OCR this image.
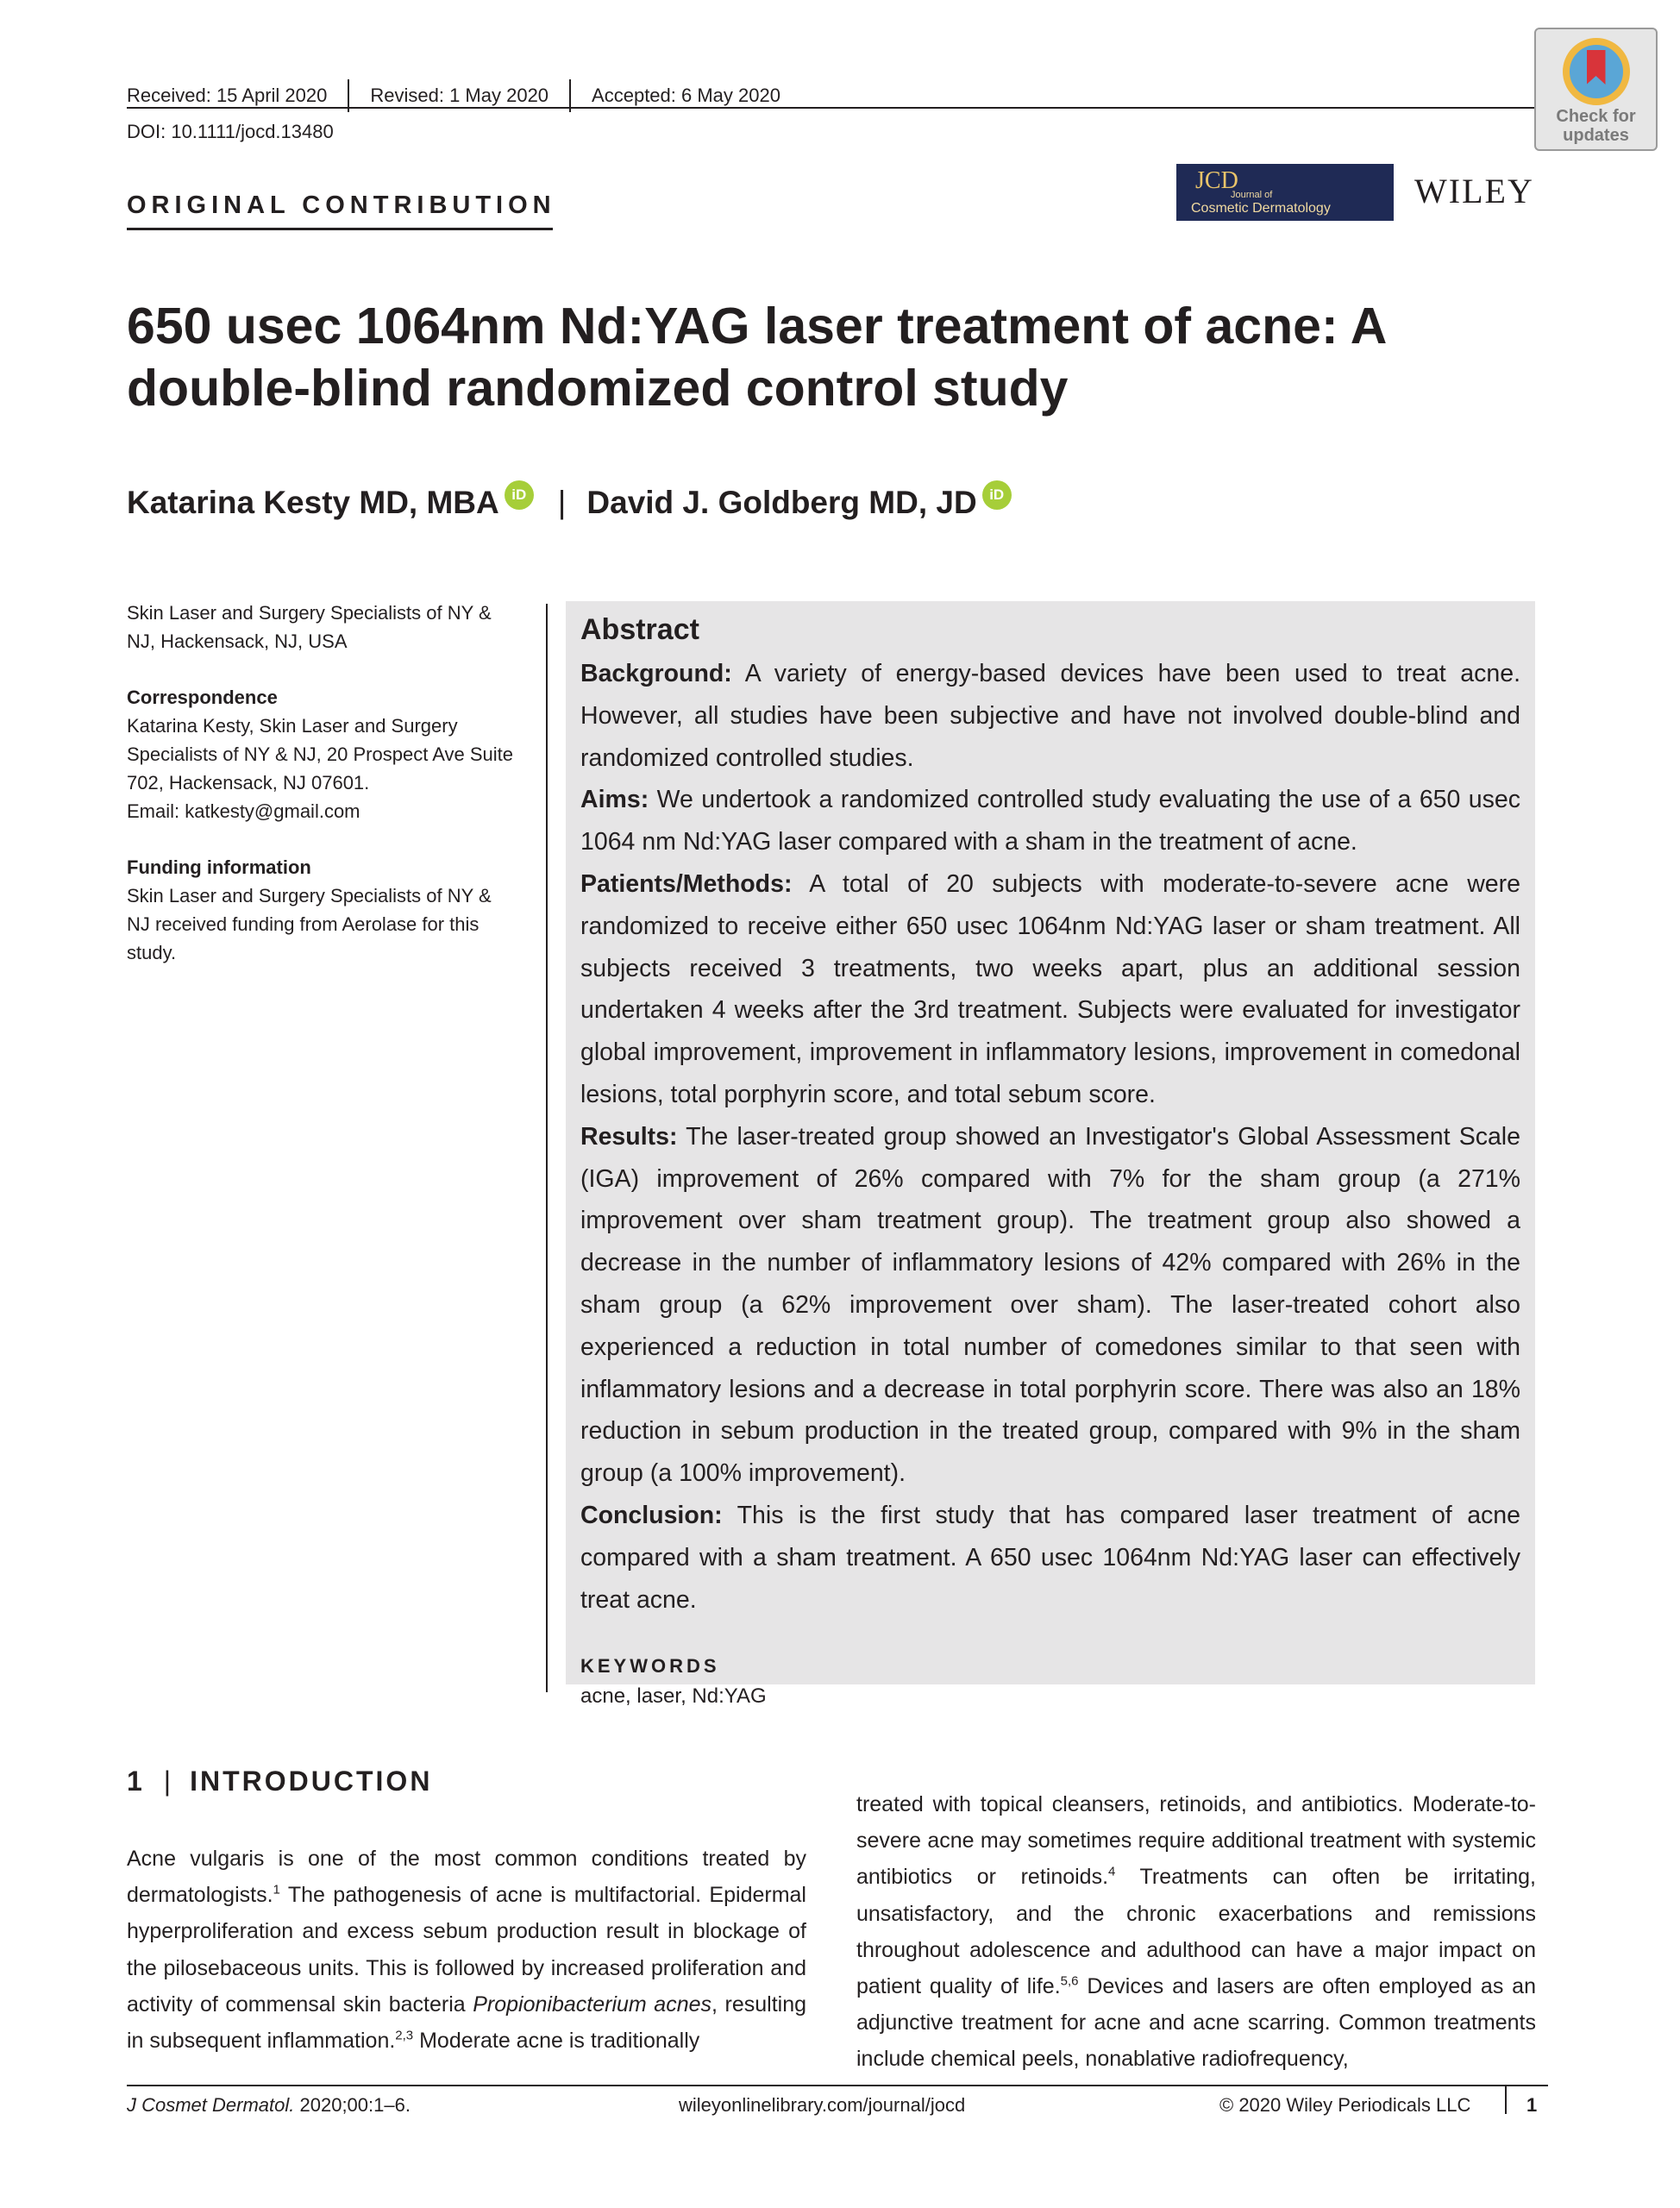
Received: 15 April 2020 Revised: 1 May 2020 Accepted: 6 May 2020
DOI: 10.1111/jocd.13480
Check for
updates
ORIGINAL CONTRIBUTION
JCD
Journal of
Cosmetic Dermatology WILEY
650 usec 1064nm Nd:YAG laser treatment of acne: A double-blind randomized control study
Katarina Kesty MD, MBA iD | David J. Goldberg MD, JD iD
Skin Laser and Surgery Specialists of NY & NJ, Hackensack, NJ, USA
Correspondence
Katarina Kesty, Skin Laser and Surgery Specialists of NY & NJ, 20 Prospect Ave Suite 702, Hackensack, NJ 07601.
Email: katkesty@gmail.com
Funding information
Skin Laser and Surgery Specialists of NY & NJ received funding from Aerolase for this study.
Abstract

Background: A variety of energy-based devices have been used to treat acne. However, all studies have been subjective and have not involved double-blind and randomized controlled studies.

Aims: We undertook a randomized controlled study evaluating the use of a 650 usec 1064 nm Nd:YAG laser compared with a sham in the treatment of acne.

Patients/Methods: A total of 20 subjects with moderate-to-severe acne were randomized to receive either 650 usec 1064nm Nd:YAG laser or sham treatment. All subjects received 3 treatments, two weeks apart, plus an additional session undertaken 4 weeks after the 3rd treatment. Subjects were evaluated for investigator global improvement, improvement in inflammatory lesions, improvement in comedonal lesions, total porphyrin score, and total sebum score.

Results: The laser-treated group showed an Investigator's Global Assessment Scale (IGA) improvement of 26% compared with 7% for the sham group (a 271% improvement over sham treatment group). The treatment group also showed a decrease in the number of inflammatory lesions of 42% compared with 26% in the sham group (a 62% improvement over sham). The laser-treated cohort also experienced a reduction in total number of comedones similar to that seen with inflammatory lesions and a decrease in total porphyrin score. There was also an 18% reduction in sebum production in the treated group, compared with 9% in the sham group (a 100% improvement).

Conclusion: This is the first study that has compared laser treatment of acne compared with a sham treatment. A 650 usec 1064nm Nd:YAG laser can effectively treat acne.

KEYWORDS
acne, laser, Nd:YAG
1 | INTRODUCTION
Acne vulgaris is one of the most common conditions treated by dermatologists.$^1$ The pathogenesis of acne is multifactorial. Epidermal hyperproliferation and excess sebum production result in blockage of the pilosebaceous units. This is followed by increased proliferation and activity of commensal skin bacteria Propionibacterium acnes, resulting in subsequent inflammation.$^{2,3}$ Moderate acne is traditionally
treated with topical cleansers, retinoids, and antibiotics. Moderate-to-severe acne may sometimes require additional treatment with systemic antibiotics or retinoids.$^4$ Treatments can often be irritating, unsatisfactory, and the chronic exacerbations and remissions throughout adolescence and adulthood can have a major impact on patient quality of life.$^{5,6}$ Devices and lasers are often employed as an adjunctive treatment for acne and acne scarring. Common treatments include chemical peels, nonablative radiofrequency,
J Cosmet Dermatol. 2020;00:1–6.	wileyonlinelibrary.com/journal/jocd	© 2020 Wiley Periodicals LLC	1
